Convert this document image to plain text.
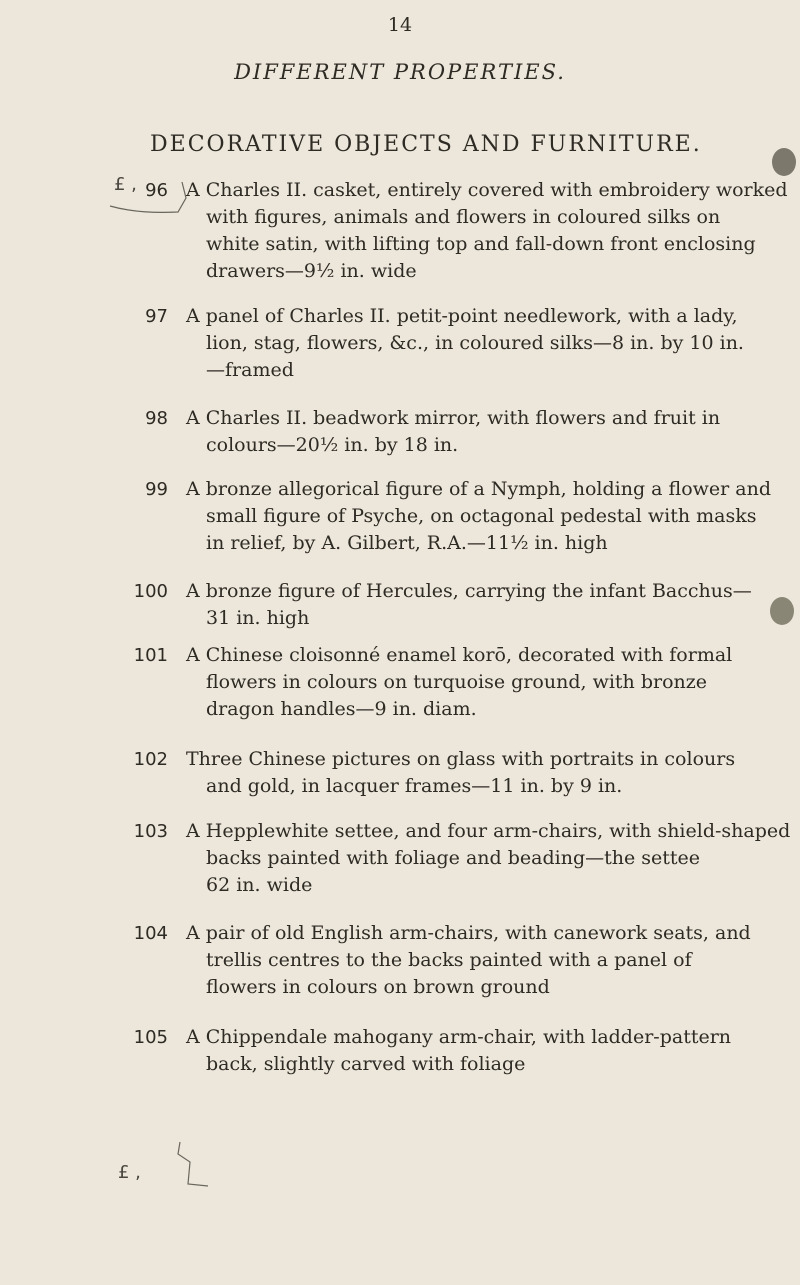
14
DIFFERENT PROPERTIES.
DECORATIVE OBJECTS AND FURNITURE.
£ ,
£ ,
96 A Charles II. casket, entirely covered with embroidery worked
with figures, animals and flowers in coloured silks on
white satin, with lifting top and fall-down front enclosing
drawers—9½ in. wide
97 A panel of Charles II. petit-point needlework, with a lady,
lion, stag, flowers, &c., in coloured silks—8 in. by 10 in.
—framed
98 A Charles II. beadwork mirror, with flowers and fruit in
colours—20½ in. by 18 in.
99 A bronze allegorical figure of a Nymph, holding a flower and
small figure of Psyche, on octagonal pedestal with masks
in relief, by A. Gilbert, R.A.—11½ in. high
100 A bronze figure of Hercules, carrying the infant Bacchus—
31 in. high
101 A Chinese cloisonné enamel korō, decorated with formal
flowers in colours on turquoise ground, with bronze
dragon handles—9 in. diam.
102 Three Chinese pictures on glass with portraits in colours
and gold, in lacquer frames—11 in. by 9 in.
103 A Hepplewhite settee, and four arm-chairs, with shield-shaped
backs painted with foliage and beading—the settee
62 in. wide
104 A pair of old English arm-chairs, with canework seats, and
trellis centres to the backs painted with a panel of
flowers in colours on brown ground
105 A Chippendale mahogany arm-chair, with ladder-pattern
back, slightly carved with foliage
